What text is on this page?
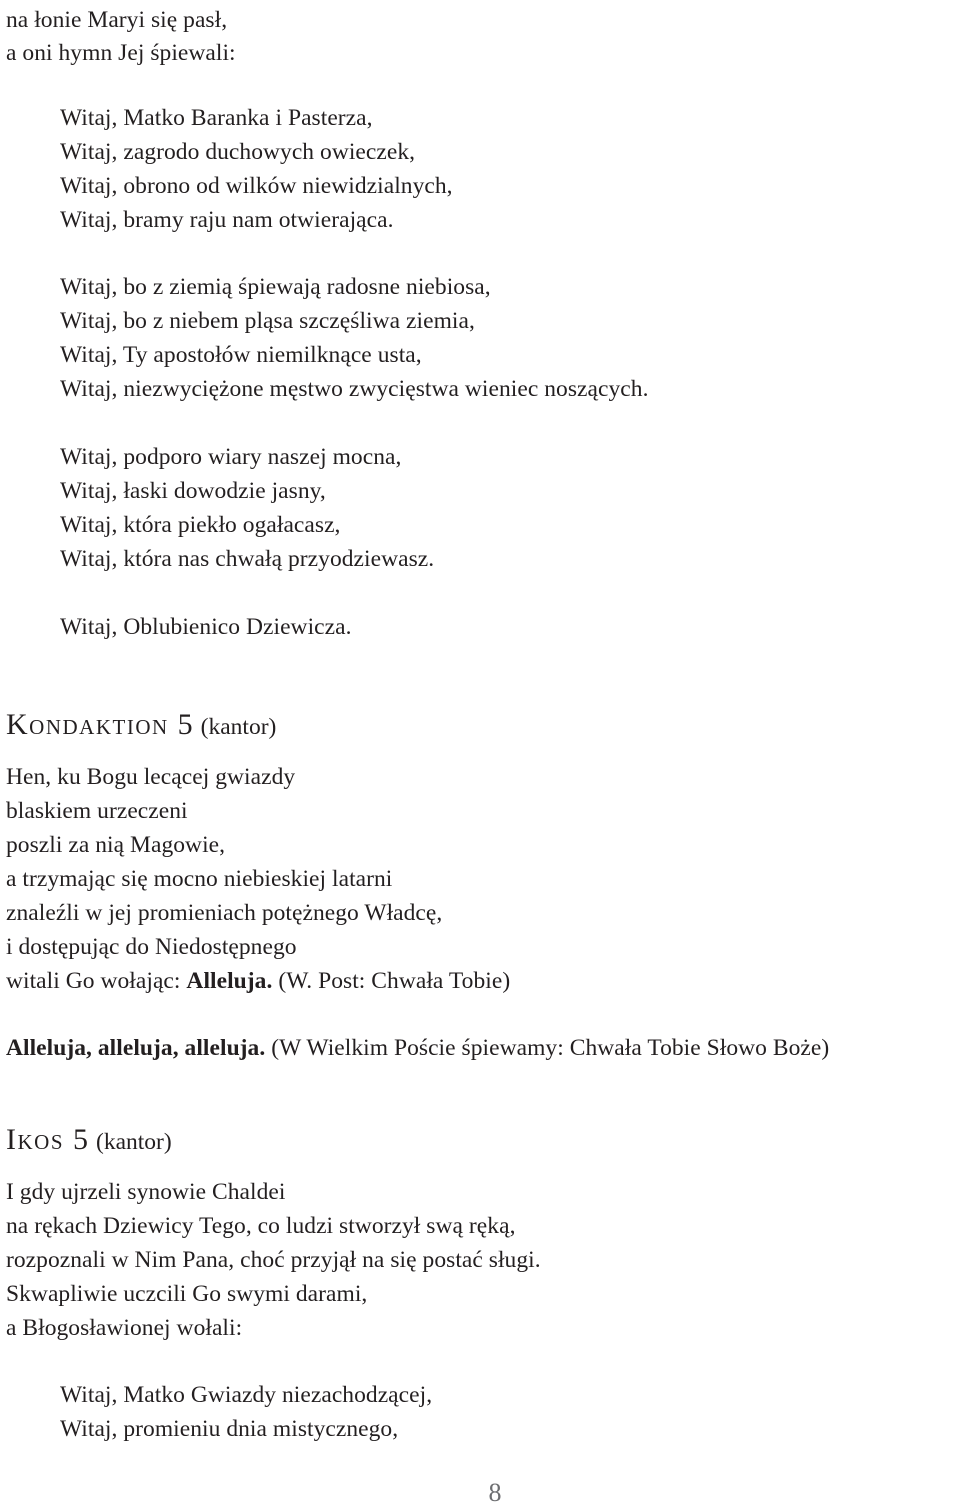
na łonie Maryi się pasł,
a oni hymn Jej śpiewali:
Witaj, Matko Baranka i Pasterza,
Witaj, zagrodo duchowych owieczek,
Witaj, obrono od wilków niewidzialnych,
Witaj, bramy raju nam otwierająca.
Witaj, bo z ziemią śpiewają radosne niebiosa,
Witaj, bo z niebem pląsa szczęśliwa ziemia,
Witaj, Ty apostołów niemilknące usta,
Witaj, niezwyciężone męstwo zwycięstwa wieniec noszących.
Witaj, podporo wiary naszej mocna,
Witaj, łaski dowodzie jasny,
Witaj, która piekło ogałacasz,
Witaj, która nas chwałą przyodziewasz.
Witaj, Oblubienico Dziewicza.
Kondaktion 5 (kantor)
Hen, ku Bogu lecącej gwiazdy
blaskiem urzeczeni
poszli za nią Magowie,
a trzymając się mocno niebieskiej latarni
znaleźli w jej promieniach potężnego Władcę,
i dostępując do Niedostępnego
witali Go wołając: Alleluja. (W. Post: Chwała Tobie)
Alleluja, alleluja, alleluja. (W Wielkim Poście śpiewamy: Chwała Tobie Słowo Boże)
Ikos 5 (kantor)
I gdy ujrzeli synowie Chaldei
na rękach Dziewicy Tego, co ludzi stworzył swą ręką,
rozpoznali w Nim Pana, choć przyjął na się postać sługi.
Skwapliwie uczcili Go swymi darami,
a Błogosławionej wołali:
Witaj, Matko Gwiazdy niezachodzącej,
Witaj, promieniu dnia mistycznego,
8
